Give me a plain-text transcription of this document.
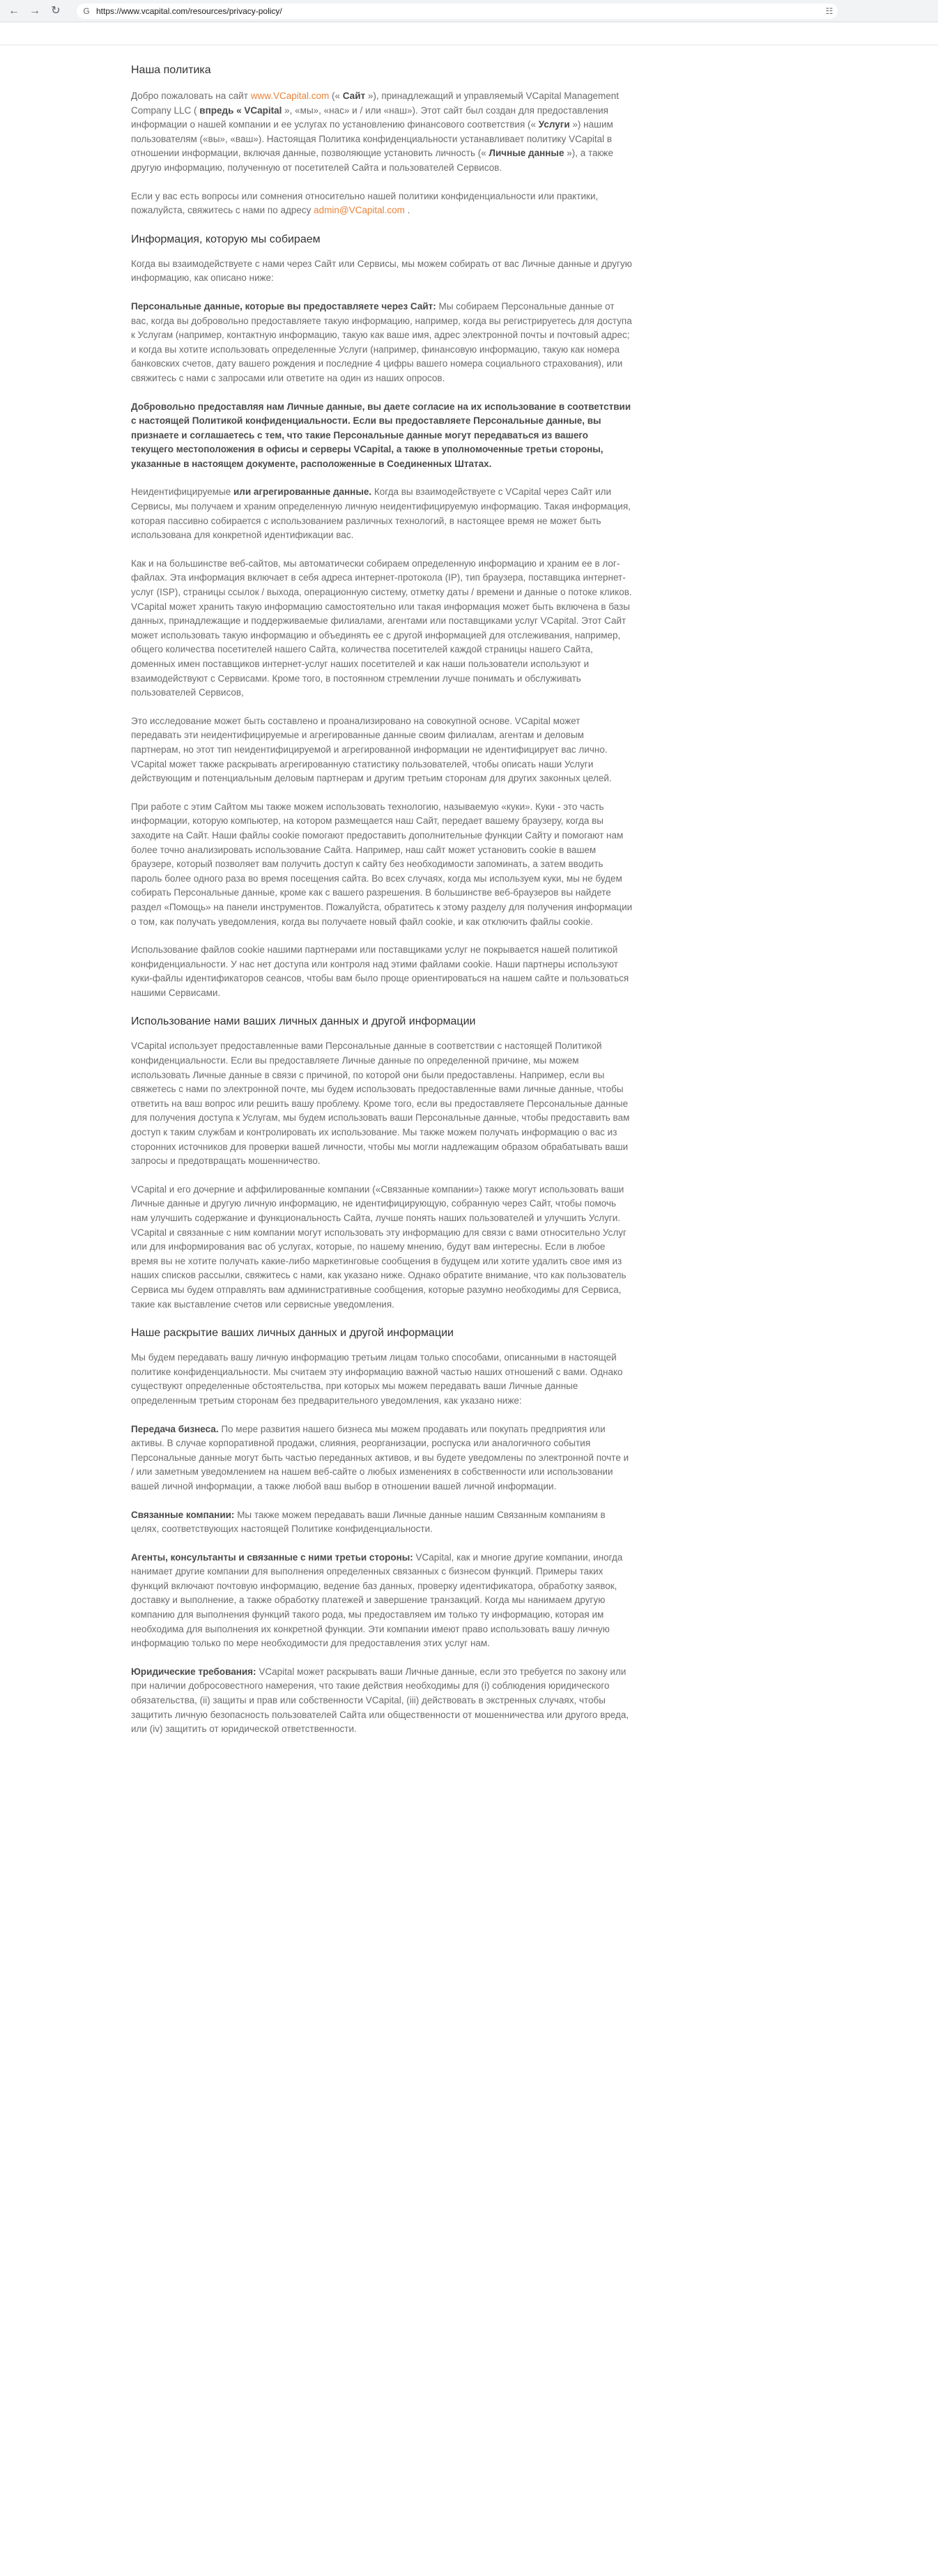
← → ↻	G https://www.vcapital.com/resources/privacy-policy/	☷
Наша политика

Добро пожаловать на сайт www.VCapital.com (« Сайт »), принадлежащий и управляемый VCapital Management Company LLC ( впредь « VCapital », «мы», «нас» и / или «наш»). Этот сайт был создан для предоставления информации о нашей компании и ее услугах по установлению финансового соответствия (« Услуги ») нашим пользователям («вы», «ваш»). Настоящая Политика конфиденциальности устанавливает политику VCapital в отношении информации, включая данные, позволяющие установить личность (« Личные данные »), а также другую информацию, полученную от посетителей Сайта и пользователей Сервисов.

Если у вас есть вопросы или сомнения относительно нашей политики конфиденциальности или практики, пожалуйста, свяжитесь с нами по адресу admin@VCapital.com .

Информация, которую мы собираем

Когда вы взаимодействуете с нами через Сайт или Сервисы, мы можем собирать от вас Личные данные и другую информацию, как описано ниже:

Персональные данные, которые вы предоставляете через Сайт: Мы собираем Персональные данные от вас, когда вы добровольно предоставляете такую информацию, например, когда вы регистрируетесь для доступа к Услугам (например, контактную информацию, такую как ваше имя, адрес электронной почты и почтовый адрес; и когда вы хотите использовать определенные Услуги (например, финансовую информацию, такую как номера банковских счетов, дату вашего рождения и последние 4 цифры вашего номера социального страхования), или свяжитесь с нами с запросами или ответите на один из наших опросов.

Добровольно предоставляя нам Личные данные, вы даете согласие на их использование в соответствии с настоящей Политикой конфиденциальности. Если вы предоставляете Персональные данные, вы признаете и соглашаетесь с тем, что такие Персональные данные могут передаваться из вашего текущего местоположения в офисы и серверы VCapital, а также в уполномоченные третьи стороны, указанные в настоящем документе, расположенные в Соединенных Штатах.

Неидентифицируемые или агрегированные данные. Когда вы взаимодействуете с VCapital через Сайт или Сервисы, мы получаем и храним определенную личную неидентифицируемую информацию. Такая информация, которая пассивно собирается с использованием различных технологий, в настоящее время не может быть использована для конкретной идентификации вас.

Как и на большинстве веб-сайтов, мы автоматически собираем определенную информацию и храним ее в лог-файлах. Эта информация включает в себя адреса интернет-протокола (IP), тип браузера, поставщика интернет-услуг (ISP), страницы ссылок / выхода, операционную систему, отметку даты / времени и данные о потоке кликов. VCapital может хранить такую информацию самостоятельно или такая информация может быть включена в базы данных, принадлежащие и поддерживаемые филиалами, агентами или поставщиками услуг VCapital. Этот Сайт может использовать такую информацию и объединять ее с другой информацией для отслеживания, например, общего количества посетителей нашего Сайта, количества посетителей каждой страницы нашего Сайта, доменных имен поставщиков интернет-услуг наших посетителей и как наши пользователи используют и взаимодействуют с Сервисами. Кроме того, в постоянном стремлении лучше понимать и обслуживать пользователей Сервисов,

Это исследование может быть составлено и проанализировано на совокупной основе. VCapital может передавать эти неидентифицируемые и агрегированные данные своим филиалам, агентам и деловым партнерам, но этот тип неидентифицируемой и агрегированной информации не идентифицирует вас лично. VCapital может также раскрывать агрегированную статистику пользователей, чтобы описать наши Услуги действующим и потенциальным деловым партнерам и другим третьим сторонам для других законных целей.

При работе с этим Сайтом мы также можем использовать технологию, называемую «куки». Куки - это часть информации, которую компьютер, на котором размещается наш Сайт, передает вашему браузеру, когда вы заходите на Сайт. Наши файлы cookie помогают предоставить дополнительные функции Сайту и помогают нам более точно анализировать использование Сайта. Например, наш сайт может установить cookie в вашем браузере, который позволяет вам получить доступ к сайту без необходимости запоминать, а затем вводить пароль более одного раза во время посещения сайта. Во всех случаях, когда мы используем куки, мы не будем собирать Персональные данные, кроме как с вашего разрешения. В большинстве веб-браузеров вы найдете раздел «Помощь» на панели инструментов. Пожалуйста, обратитесь к этому разделу для получения информации о том, как получать уведомления, когда вы получаете новый файл cookie, и как отключить файлы cookie.

Использование файлов cookie нашими партнерами или поставщиками услуг не покрывается нашей политикой конфиденциальности. У нас нет доступа или контроля над этими файлами cookie. Наши партнеры используют куки-файлы идентификаторов сеансов, чтобы вам было проще ориентироваться на нашем сайте и пользоваться нашими Сервисами.

Использование нами ваших личных данных и другой информации

VCapital использует предоставленные вами Персональные данные в соответствии с настоящей Политикой конфиденциальности. Если вы предоставляете Личные данные по определенной причине, мы можем использовать Личные данные в связи с причиной, по которой они были предоставлены. Например, если вы свяжетесь с нами по электронной почте, мы будем использовать предоставленные вами личные данные, чтобы ответить на ваш вопрос или решить вашу проблему. Кроме того, если вы предоставляете Персональные данные для получения доступа к Услугам, мы будем использовать ваши Персональные данные, чтобы предоставить вам доступ к таким службам и контролировать их использование. Мы также можем получать информацию о вас из сторонних источников для проверки вашей личности, чтобы мы могли надлежащим образом обрабатывать ваши запросы и предотвращать мошенничество.

VCapital и его дочерние и аффилированные компании («Связанные компании») также могут использовать ваши Личные данные и другую личную информацию, не идентифицирующую, собранную через Сайт, чтобы помочь нам улучшить содержание и функциональность Сайта, лучше понять наших пользователей и улучшить Услуги. VCapital и связанные с ним компании могут использовать эту информацию для связи с вами относительно Услуг или для информирования вас об услугах, которые, по нашему мнению, будут вам интересны. Если в любое время вы не хотите получать какие-либо маркетинговые сообщения в будущем или хотите удалить свое имя из наших списков рассылки, свяжитесь с нами, как указано ниже. Однако обратите внимание, что как пользователь Сервиса мы будем отправлять вам административные сообщения, которые разумно необходимы для Сервиса, такие как выставление счетов или сервисные уведомления.

Наше раскрытие ваших личных данных и другой информации

Мы будем передавать вашу личную информацию третьим лицам только способами, описанными в настоящей политике конфиденциальности. Мы считаем эту информацию важной частью наших отношений с вами. Однако существуют определенные обстоятельства, при которых мы можем передавать ваши Личные данные определенным третьим сторонам без предварительного уведомления, как указано ниже:

Передача бизнеса. По мере развития нашего бизнеса мы можем продавать или покупать предприятия или активы. В случае корпоративной продажи, слияния, реорганизации, роспуска или аналогичного события Персональные данные могут быть частью переданных активов, и вы будете уведомлены по электронной почте и / или заметным уведомлением на нашем веб-сайте о любых изменениях в собственности или использовании вашей личной информации, а также любой ваш выбор в отношении вашей личной информации.

Связанные компании: Мы также можем передавать ваши Личные данные нашим Связанным компаниям в целях, соответствующих настоящей Политике конфиденциальности.

Агенты, консультанты и связанные с ними третьи стороны: VCapital, как и многие другие компании, иногда нанимает другие компании для выполнения определенных связанных с бизнесом функций. Примеры таких функций включают почтовую информацию, ведение баз данных, проверку идентификатора, обработку заявок, доставку и выполнение, а также обработку платежей и завершение транзакций. Когда мы нанимаем другую компанию для выполнения функций такого рода, мы предоставляем им только ту информацию, которая им необходима для выполнения их конкретной функции. Эти компании имеют право использовать вашу личную информацию только по мере необходимости для предоставления этих услуг нам.

Юридические требования: VCapital может раскрывать ваши Личные данные, если это требуется по закону или при наличии добросовестного намерения, что такие действия необходимы для (i) соблюдения юридического обязательства, (ii) защиты и прав или собственности VCapital, (iii) действовать в экстренных случаях, чтобы защитить личную безопасность пользователей Сайта или общественности от мошенничества или другого вреда, или (iv) защитить от юридической ответственности.
